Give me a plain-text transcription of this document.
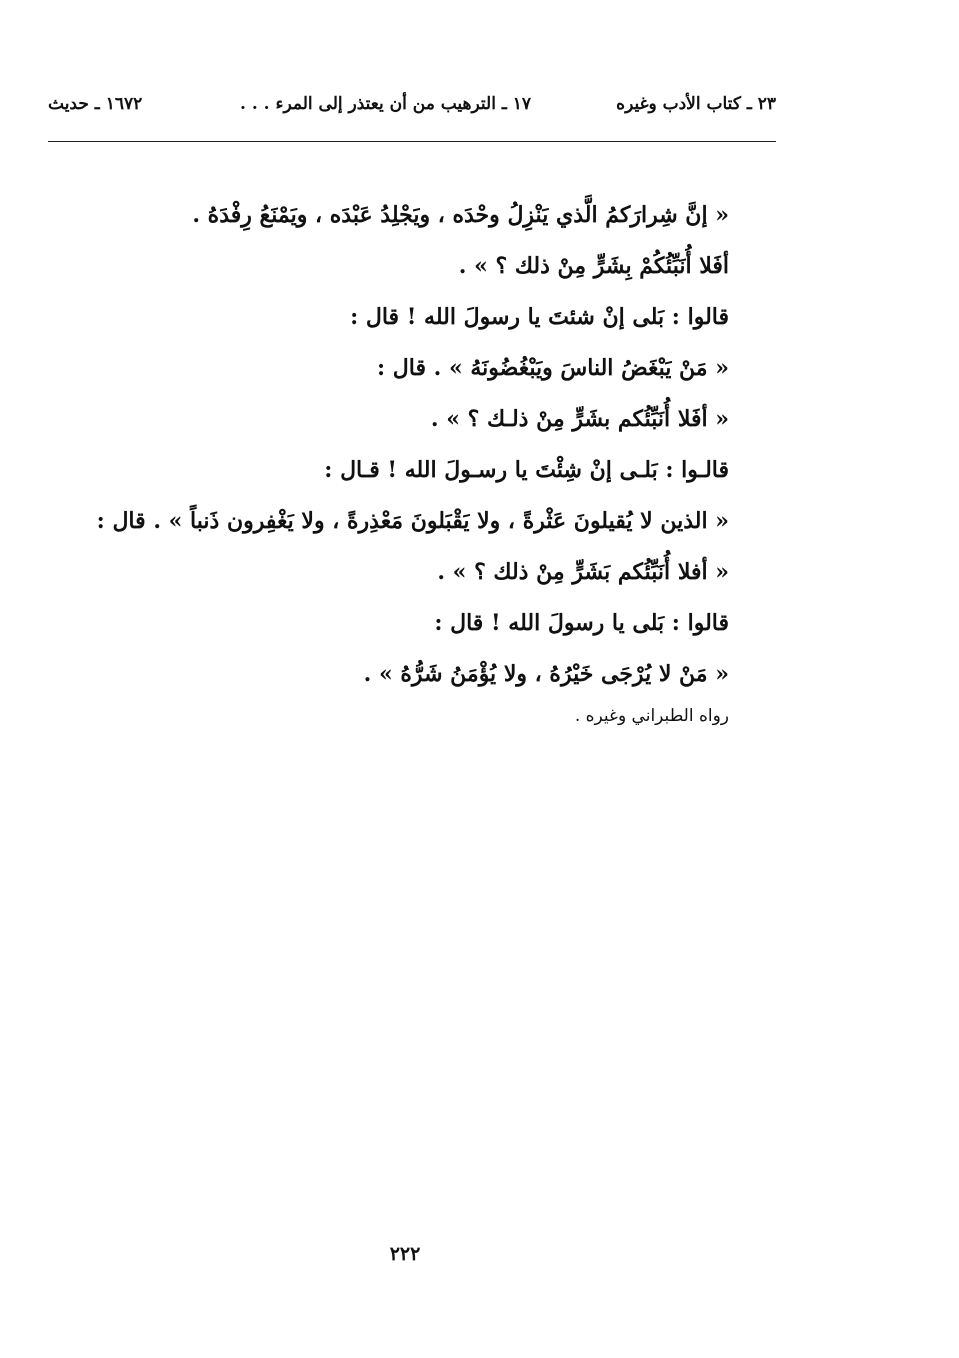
٢٣ ـ كتاب الأدب وغيره
١٧ ـ الترهيب من أن يعتذر إلى المرء . . .
١٦٧٢ ـ حديث
« إنَّ شِرارَكمُ الَّذي يَنْزِلُ وحْدَه ، ويَجْلِدُ عَبْدَه ، ويَمْنَعُ رِفْدَهُ .
أفَلا أُنَبِّئُكُمْ بِشَرٍّ مِنْ ذلك ؟ » .
قالوا : بَلى إنْ شئتَ يا رسولَ الله ! قال :
« مَنْ يَبْغَضُ الناسَ ويَبْغُضُونَهُ » . قال :
« أفَلا أُنَبِّئُكم بشَرٍّ مِنْ ذلـك ؟ » .
قالـوا : بَلـى إنْ شِئْتَ يا رسـولَ الله ! قـال :
« الذين لا يُقيلونَ عَثْرةً ، ولا يَقْبَلونَ مَعْذِرةً ، ولا يَغْفِرون ذَنباً » . قال :
« أفلا أُنَبِّئُكم بَشَرٍّ مِنْ ذلك ؟ » .
قالوا : بَلى يا رسولَ الله ! قال :
« مَنْ لا يُرْجَى خَيْرُهُ ، ولا يُؤْمَنُ شَرُّهُ » .
رواه الطبراني وغيره .
٢٢٢
